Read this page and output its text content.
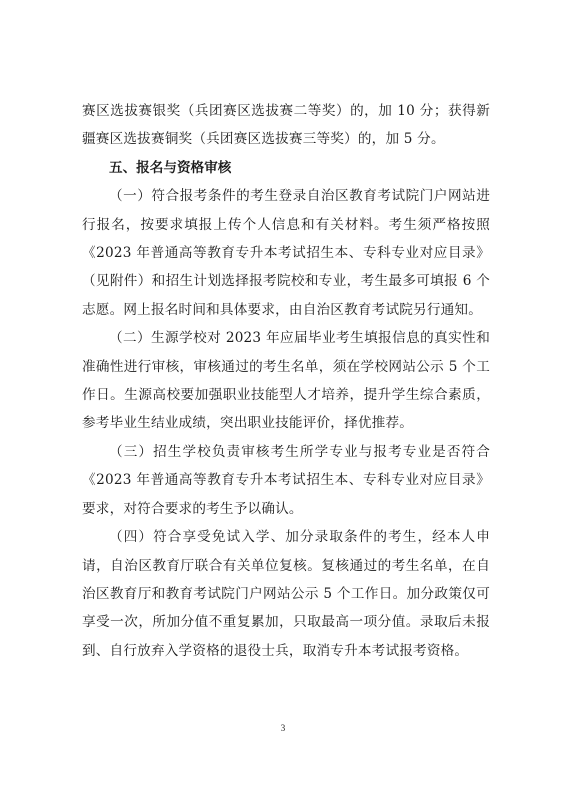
赛区选拔赛银奖（兵团赛区选拔赛二等奖）的，加 10 分；获得新疆赛区选拔赛铜奖（兵团赛区选拔赛三等奖）的，加 5 分。

五、报名与资格审核

（一）符合报考条件的考生登录自治区教育考试院门户网站进行报名，按要求填报上传个人信息和有关材料。考生须严格按照《2023 年普通高等教育专升本考试招生本、专科专业对应目录》（见附件）和招生计划选择报考院校和专业，考生最多可填报 6 个志愿。网上报名时间和具体要求，由自治区教育考试院另行通知。

（二）生源学校对 2023 年应届毕业考生填报信息的真实性和准确性进行审核，审核通过的考生名单，须在学校网站公示 5 个工作日。生源高校要加强职业技能型人才培养，提升学生综合素质，参考毕业生结业成绩，突出职业技能评价，择优推荐。

（三）招生学校负责审核考生所学专业与报考专业是否符合《2023 年普通高等教育专升本考试招生本、专科专业对应目录》要求，对符合要求的考生予以确认。

（四）符合享受免试入学、加分录取条件的考生，经本人申请，自治区教育厅联合有关单位复核。复核通过的考生名单，在自治区教育厅和教育考试院门户网站公示 5 个工作日。加分政策仅可享受一次，所加分值不重复累加，只取最高一项分值。录取后未报到、自行放弃入学资格的退役士兵，取消专升本考试报考资格。

3
